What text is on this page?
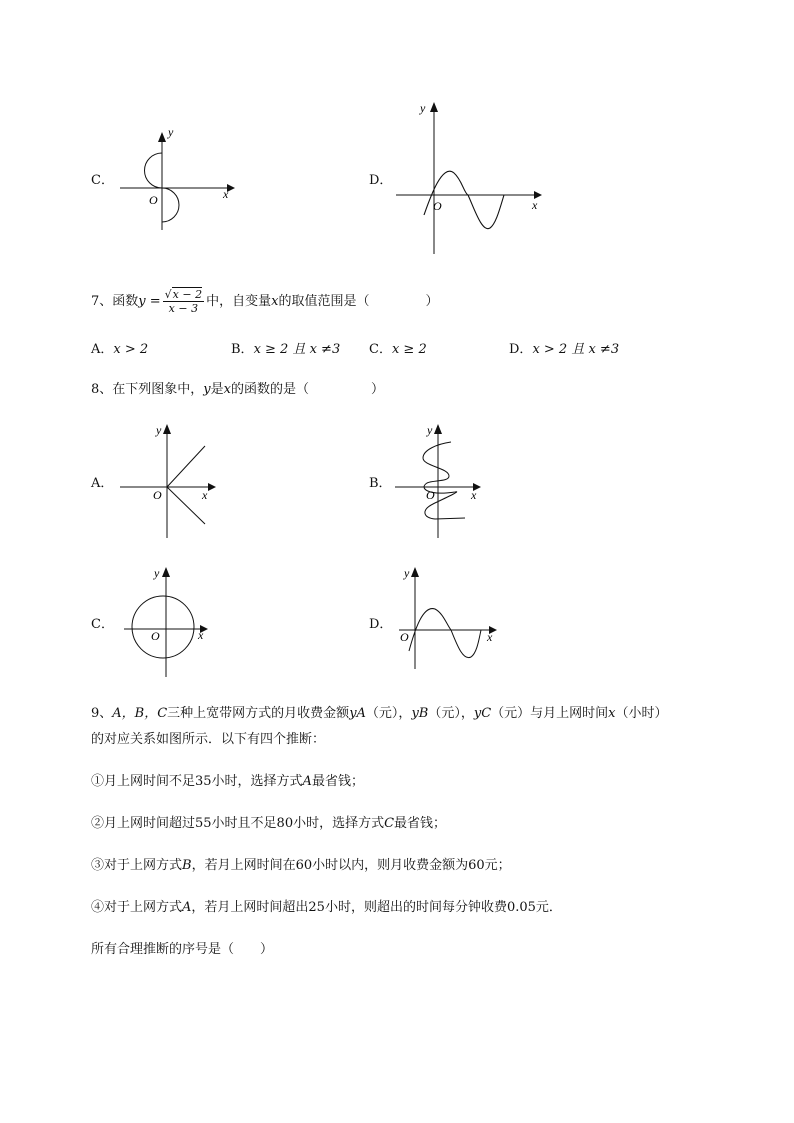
C．
y
x
O
D．
y
x
O
7、函数$y = \frac{√x - 2}{x - 3}$ 中，自变量x的取值范围是（	）
A．x > 2	B．x ≥ 2 且 x ≠3 C．x ≥ 2	D．x > 2 且 x ≠3
8、在下列图象中，y是x的函数的是（	）
A．
y
x
O
B．
y
x
O
C．
y
x
O
D．
y
x
O
9、A，B，C三种上宽带网方式的月收费金额yA（元），yB（元），yC（元）与月上网时间x（小时）
的对应关系如图所示．以下有四个推断：
①月上网时间不足35小时，选择方式A最省钱；
②月上网时间超过55小时且不足80小时，选择方式C最省钱；
③对于上网方式B，若月上网时间在60小时以内，则月收费金额为60元；
④对于上网方式A，若月上网时间超出25小时，则超出的时间每分钟收费0.05元．
所有合理推断的序号是（ ）
